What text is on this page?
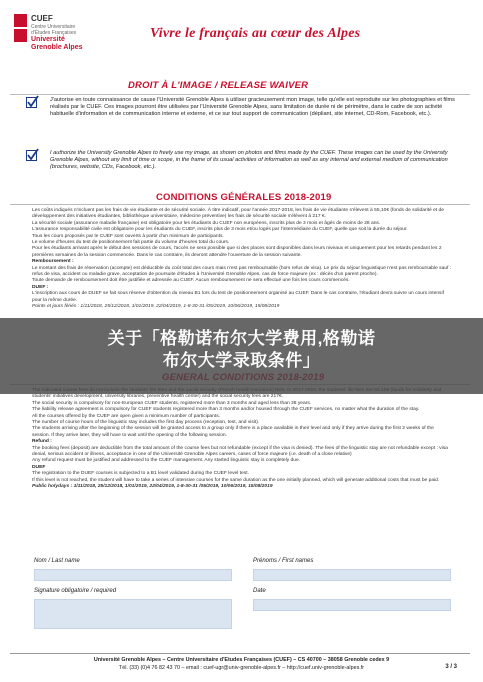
CUEF
Centre Universitaire d'Études Françaises
Université Grenoble Alpes
Vivre le français au cœur des Alpes
DROIT À L'IMAGE / RELEASE WAIVER
J'autorise en toute connaissance de cause l'Université Grenoble Alpes à utiliser gracieusement mon image, telle qu'elle est reproduite sur les photographies et films réalisés par le CUEF. Ces images pourront être utilisées par l'Université Grenoble Alpes, sans limitation de durée ni de périmètre, dans le cadre de son activité habituelle d'information et de communication interne et externe, et ce sur tout support de communication (dépliant, site internet, CD-Rom, Facebook, etc.).
I authorize the University Grenoble Alpes to freely use my image, as shown on photos and films made by the CUEF. These images can be used by the University Grenoble Alpes, without any limit of time or scope, in the frame of its usual activities of information as well as any internal and external medium of communication (brochures, website, CDs, Facebook, etc.).
CONDITIONS GÉNÉRALES 2018-2019

Les coûts indiqués n'incluent pas les frais de vie étudiante et de sécurité sociale. À titre indicatif, pour l'année 2017-2018, les frais de vie étudiante s'élevent à 55,10€ (fonds de solidarité et de développement des initiatives étudiantes, bibliothèque universitaire, médecine préventive) les frais de sécurité sociale s'élèvent à 217 €.

La sécurité sociale (assurance maladie française) est obligatoire pour les étudiants du CUEF non européens, inscrits plus de 3 mois et âgés de moins de 28 ans.

L'assurance responsabilité civile est obligatoire pour les étudiants du CUEF, inscrits plus de 3 mois et/ou logés par l'intermédiaire du CUEF, quelle que soit la durée du séjour.

Tous les cours proposés par le CUEF sont ouverts à partir d'un minimum de participants.

Le volume d'heures du test de positionnement fait partie du volume d'heures total du cours.

Pour les étudiants arrivant après le début des sessions de cours, l'accès ne sera possible que si des places sont disponibles dans leurs niveaux et uniquement pour les retards pendant les 2 premières semaines de la session commencée. Dans le cas contraire, ils devront attendre l'ouverture de la session suivante.

Remboursement :

Le montant des frais de réservation (acompte) est déductible du coût total des cours mais n'est pas remboursable (hors refus de visa). Le prix du séjour linguistique n'est pas remboursable sauf : refus de visa, accident ou maladie grave, acceptation de poursuite d'études à l'Université Grenoble Alpes, cas de force majeure (ex : décès d'un parent proche).

Toute demande de remboursement doit être justifiée et adressée au CUEF. Aucun remboursement ne sera effectué une fois les cours commencés.

DUEF :

L'inscription aux cours de DUEF se fait sous réserve d'obtention du niveau B1 lors du test de positionnement organisé au CUEF. Dans le cas contraire, l'étudiant devra suivre un cours intensif pour la même durée.

Points et jours fériés : 1/11/2018, 25/12/2018, 1/01/2019, 22/04/2019, 1-8-30-31 /05/2019, 10/06/2019, 15/08/2019

students' initiatives development, university libraries, preventive health center) and the social security fees are 217€.

The social security is compulsory for non-European CUEF students, registered more than 3 months and aged less than 28 years.

The liability release agreement is compulsory for CUEF students registered more than 3 months and/or housed through the CUEF services, no matter what the duration of the stay.

All the courses offered by the CUEF are open given a minimum number of participants.

The number of course hours of the linguistic stay includes the first day process (reception, test, and visit).

The students arriving after the beginning of the session will be granted access to a group only if there is a place available in their level and only if they arrive during the first 2 weeks of the session. If they arrive later, they will have to wait until the opening of the following session.

Refund :

The booking fees (deposit) are deductible from the total amount of the course fees but not refundable (except if the visa is denied). The fees of the linguistic stay are not refundable except : visa denial, serious accident or illness, acceptance in one of the Université Grenoble Alpes careers, cases of force majeure (i.e. death of a close relative)

Any refund request must be justified and addressed to the CUEF management. Any started linguistic stay is completely due.

DUEF

The registration to the DUEF courses is subjected to a B1 level validated during the CUEF level test.

If this level is not reached, the student will have to take a series of intensive courses for the same duration as the one initially planned, which will generate additional costs that must be paid.

Public holydays : 1/11/2018, 25/12/2018, 1/01/2019, 22/04/2019, 1-8-30-31 /05/2019, 10/06/2019, 15/08/2019

Nom / Last name	Prénoms / First names
Signature obligatoire / required	Date
Université Grenoble Alpes – Centre Universitaire d'Etudes Françaises (CUEF) – CS 40700 – 38058 Grenoble cedex 9
Tél. (33) (0)4 76 82 43 70 – email : cuef-ugr@univ-grenoble-alpes.fr – http://cuef.univ-grenoble-alpes.fr	3 / 3
关于「格勒诺布尔大学费用,格勒诺
布尔大学录取条件」
